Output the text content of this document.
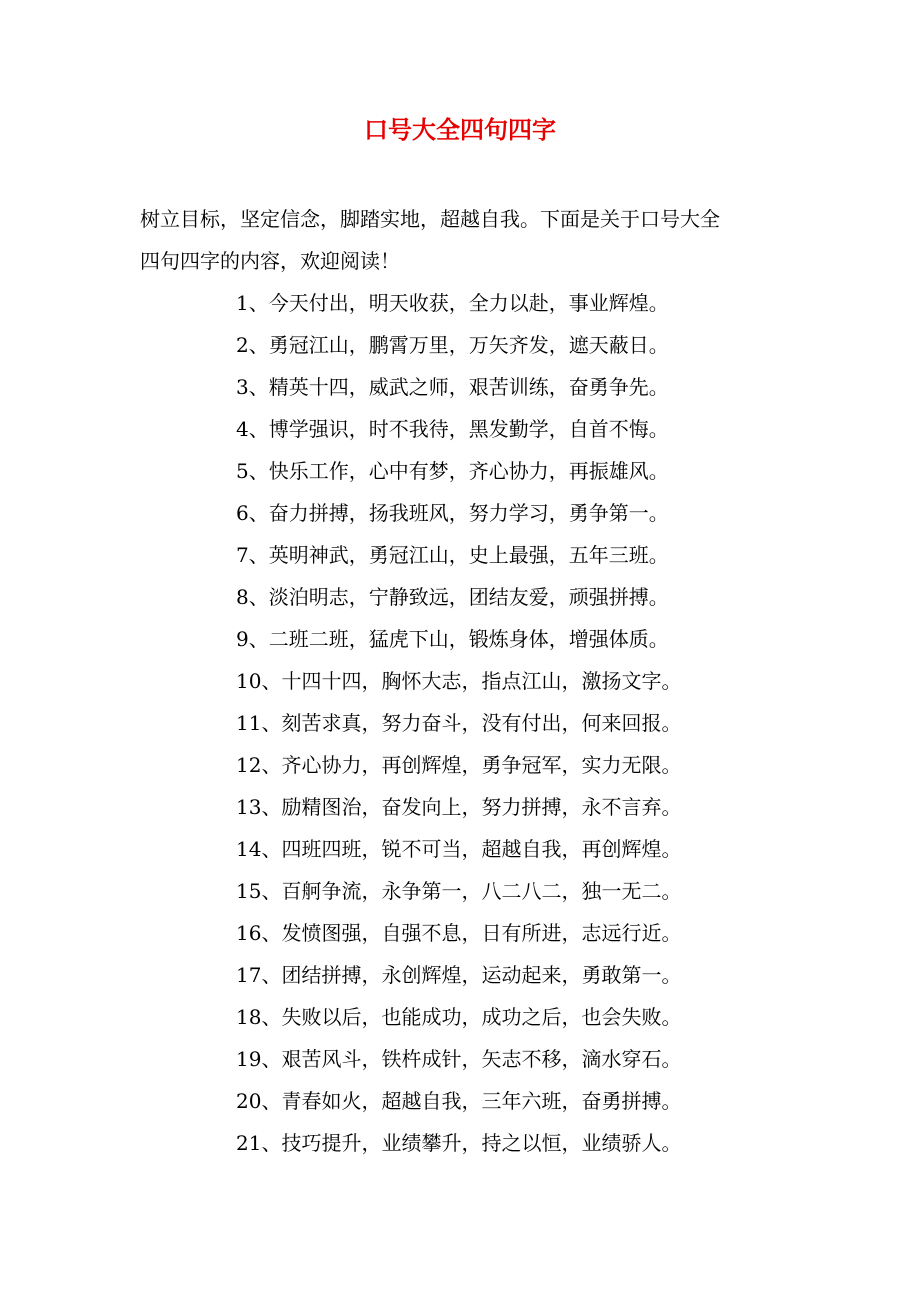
口号大全四句四字

树立目标，坚定信念，脚踏实地，超越自我。下面是关于口号大全

四句四字的内容，欢迎阅读！

1、今天付出，明天收获，全力以赴，事业辉煌。
2、勇冠江山，鹏霄万里，万矢齐发，遮天蔽日。
3、精英十四，威武之师，艰苦训练，奋勇争先。
4、博学强识，时不我待，黑发勤学，自首不悔。
5、快乐工作，心中有梦，齐心协力，再振雄风。
6、奋力拼搏，扬我班风，努力学习，勇争第一。
7、英明神武，勇冠江山，史上最强，五年三班。
8、淡泊明志，宁静致远，团结友爱，顽强拼搏。
9、二班二班，猛虎下山，锻炼身体，增强体质。
10、十四十四，胸怀大志，指点江山，激扬文字。
11、刻苦求真，努力奋斗，没有付出，何来回报。
12、齐心协力，再创辉煌，勇争冠军，实力无限。
13、励精图治，奋发向上，努力拼搏，永不言弃。
14、四班四班，锐不可当，超越自我，再创辉煌。
15、百舸争流，永争第一，八二八二，独一无二。
16、发愤图强，自强不息，日有所进，志远行近。
17、团结拼搏，永创辉煌，运动起来，勇敢第一。
18、失败以后，也能成功，成功之后，也会失败。
19、艰苦风斗，铁杵成针，矢志不移，滴水穿石。
20、青春如火，超越自我，三年六班，奋勇拼搏。
21、技巧提升，业绩攀升，持之以恒，业绩骄人。
